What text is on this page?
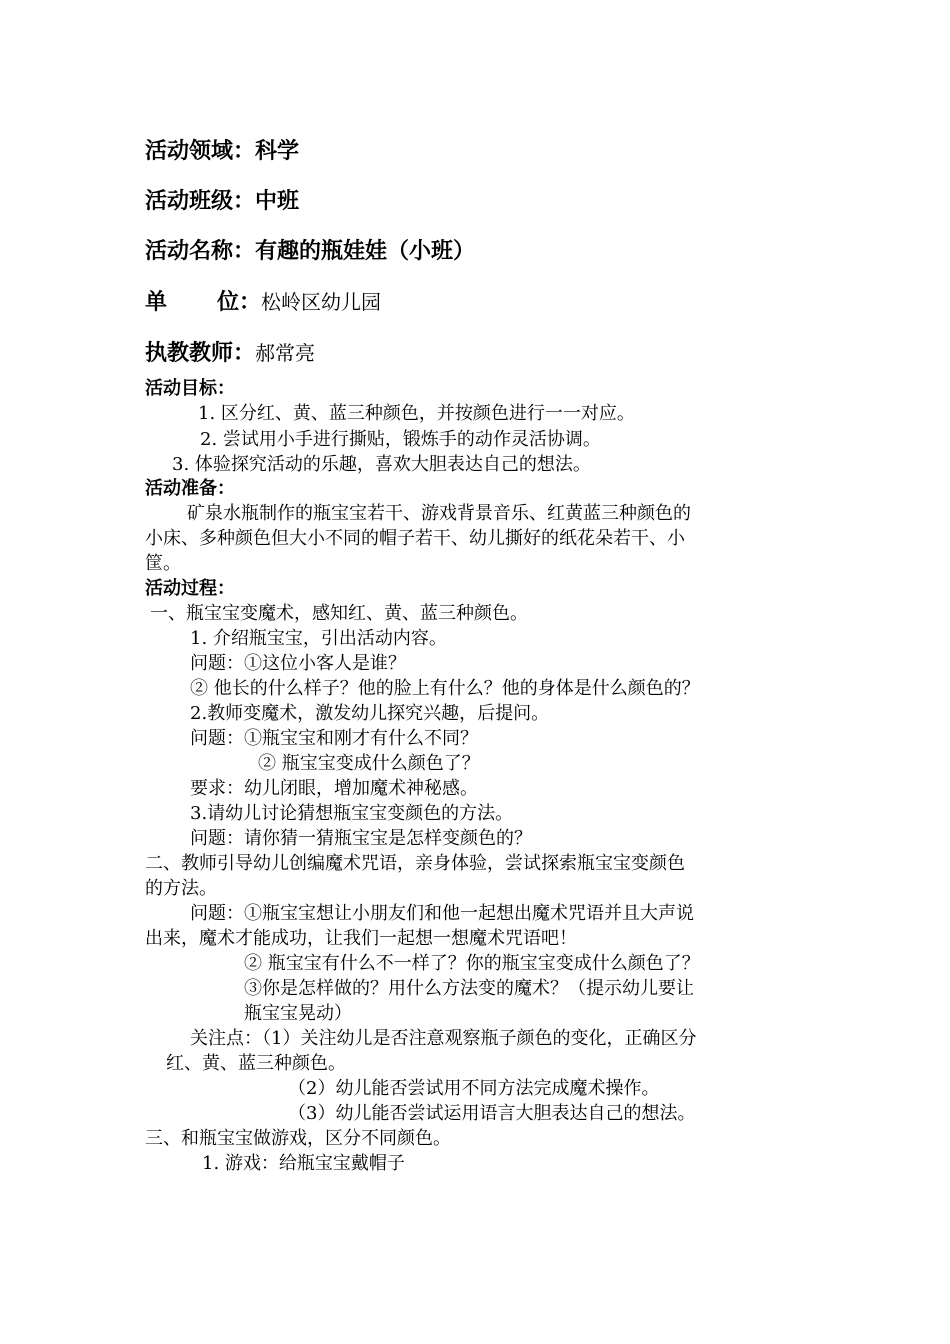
活动领域：科学
活动班级：中班
活动名称：有趣的瓶娃娃（小班）
单 位：松岭区幼儿园
执教教师：郝常亮
活动目标：
1. 区分红、黄、蓝三种颜色，并按颜色进行一一对应。
2. 尝试用小手进行撕贴，锻炼手的动作灵活协调。
3. 体验探究活动的乐趣，喜欢大胆表达自己的想法。
活动准备：
矿泉水瓶制作的瓶宝宝若干、游戏背景音乐、红黄蓝三种颜色的
小床、多种颜色但大小不同的帽子若干、幼儿撕好的纸花朵若干、小
筐。
活动过程：
一、瓶宝宝变魔术，感知红、黄、蓝三种颜色。
1. 介绍瓶宝宝，引出活动内容。
问题：①这位小客人是谁？
② 他长的什么样子？他的脸上有什么？他的身体是什么颜色的？
2.教师变魔术，激发幼儿探究兴趣，后提问。
问题：①瓶宝宝和刚才有什么不同？
② 瓶宝宝变成什么颜色了？
要求：幼儿闭眼，增加魔术神秘感。
3.请幼儿讨论猜想瓶宝宝变颜色的方法。
问题：请你猜一猜瓶宝宝是怎样变颜色的？
二、教师引导幼儿创编魔术咒语，亲身体验，尝试探索瓶宝宝变颜色
的方法。
问题：①瓶宝宝想让小朋友们和他一起想出魔术咒语并且大声说
出来，魔术才能成功，让我们一起想一想魔术咒语吧！
② 瓶宝宝有什么不一样了？你的瓶宝宝变成什么颜色了？
③你是怎样做的？用什么方法变的魔术？（提示幼儿要让
瓶宝宝晃动）
关注点：（1）关注幼儿是否注意观察瓶子颜色的变化，正确区分
红、黄、蓝三种颜色。
（2）幼儿能否尝试用不同方法完成魔术操作。
（3）幼儿能否尝试运用语言大胆表达自己的想法。
三、和瓶宝宝做游戏，区分不同颜色。
1. 游戏：给瓶宝宝戴帽子
